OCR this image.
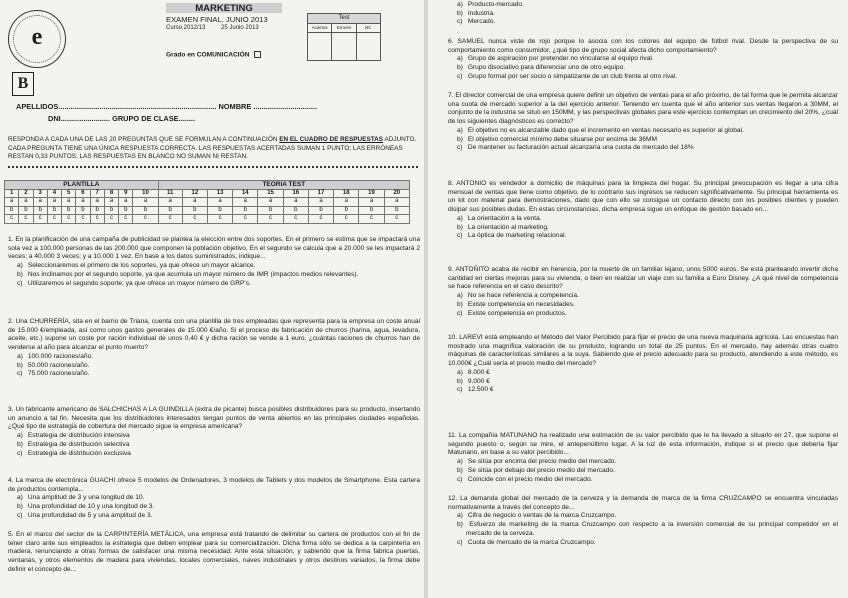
e
B
MARKETING
EXAMEN FINAL. JUNIO 2013
Curso 2012/13	25 Junio 2013
Grado en COMUNICACIÓN
Test
Aciertos	Errores	NC
APELLIDOS............................................................................. NOMBRE ...............................
DNI........................ GRUPO DE CLASE........
RESPONDA A CADA UNA DE LAS 20 PREGUNTAS QUE SE FORMULAN A CONTINUACIÓN EN EL CUADRO DE RESPUESTAS ADJUNTO. CADA PREGUNTA TIENE UNA ÚNICA RESPUESTA CORRECTA. LAS RESPUESTAS ACERTADAS SUMAN 1 PUNTO; LAS ERRÓNEAS RESTAN 0,33 PUNTOS; LAS RESPUESTAS EN BLANCO NO SUMAN NI RESTAN.
PLANTILLA										TEORIA TEST									
1	2	3	4	5	6	7	8	9	10	11	12	13	14	15	16	17	18	19	20
a	a	a	a	a	a	a	a	a	a	a	a	a	a	a	a	a	a	a	a
b	b	b	b	b	b	b	b	b	b	b	b	b	b	b	b	b	b	b	b
c	c	c	c	c	c	c	c	c	c	c	c	c	c	c	c	c	c	c	c
1. En la planificación de una campaña de publicidad se plantea la elección entre dos soportes. En el primero se estima que se impactará una sola vez a 100.000 personas de las 200.000 que componen la población objetivo. En el segundo se calcula que a 20.000 se les impactará 2 veces; a 40.000 3 veces; y a 10.000 1 vez. En base a los datos suministrados, indique...
a) Seleccionaremos el primero de los soportes, ya que ofrece un mayor alcance.
b) Nos inclinamos por el segundo soporte, ya que acumula un mayor número de IMR (impactos medios relevantes).
c) Utilizaremos el segundo soporte, ya que ofrece un mayor número de GRP's.
2. Una CHURRERÍA, sita en el barrio de Triana, cuenta con una plantilla de tres empleadas que representa para la empresa un coste anual de 15.000 €/empleada, así como unos gastos generales de 15.000 €/año. Si el proceso de fabricación de churros (harina, agua, levadura, aceite, etc.) supone un coste por ración individual de unos 0,40 € y dicha ración se vende a 1 euro, ¿cuántas raciones de churros han de venderse al año para alcanzar el punto muerto?
a) 100.000 raciones/año.
b) 50.000 raciones/año.
c) 75.000 raciones/año.
3. Un fabricante americano de SALCHICHAS A LA GUINDILLA (extra de picante) busca posibles distribuidores para su producto, insertando un anuncio a tal fin. Necesita que los distribuidores interesados tengan puntos de venta abiertos en las principales ciudades españolas. ¿Qué tipo de estrategia de cobertura del mercado sigue la empresa americana?
a) Estrategia de distribución intensiva
b) Estrategia de distribución selectiva
c) Estrategia de distribución exclusiva
4. La marca de electrónica GUACHI ofrece 5 modelos de Ordenadores, 3 modelos de Tablets y dos modelos de Smartphone. Esta cartera de productos contempla...
a) Una amplitud de 3 y una longitud de 10.
b) Una profundidad de 10 y una longitud de 3.
c) Una profundidad de 5 y una amplitud de 3.
5. En el marco del sector de la CARPINTERÍA METÁLICA, una empresa está tratando de delimitar su cartera de productos con el fin de tener claro ante sus empleados la estrategia que deben emplear para su comercialización. Dicha firma sólo se dedica a la carpintería en madera, renunciando a otras formas de satisfacer una misma necesidad. Ante esta situación, y sabiendo que la firma fabrica puertas, ventanas, y otros elementos de madera para viviendas, locales comerciales, naves industriales y otros destinos variados, la firma debe definir el concepto de...
a) Producto-mercado.
b) Industria.
c) Mercado.
6. SAMUEL nunca viste de rojo porque lo asocia con los colores del equipo de fútbol rival. Desde la perspectiva de su comportamiento como consumidor, ¿qué tipo de grupo social afecta dicho comportamiento?
a) Grupo de aspiración por pretender no vincularse al equipo rival.
b) Grupo disociativo para diferenciar uno de otro equipo.
c) Grupo formal por ser socio o simpatizante de un club frente al otro rival.
7. El director comercial de una empresa quiere definir un objetivo de ventas para el año próximo, de tal forma que le permita alcanzar una cuota de mercado superior a la del ejercicio anterior. Teniendo en cuenta que el año anterior sus ventas llegaron a 30MM, el conjunto de la industria se situó en 150MM, y las perspectivas globales para este ejercicio contemplan un crecimiento del 20%, ¿cuál de los siguientes diagnósticos es correcto?
a) El objetivo no es alcanzable dado que el incremento en ventas necesario es superior al global.
b) El objetivo comercial mínimo debe situarse por encima de 36MM
c) De mantener su facturación actual alcanzaría una cuota de mercado del 18%
8. ANTONIO es vendedor a domicilio de máquinas para la limpieza del hogar. Su principal preocupación es llegar a una cifra mensual de ventas que tiene como objetivo, de lo contrario sus ingresos se reducen significativamente. Su principal herramienta es un kit con material para demostraciones, dado que con ello se consigue un contacto directo con los posibles clientes y pueden disipar sus posibles dudas. En estas circunstancias, dicha empresa sigue un enfoque de gestión basado en...
a) La orientación a la venta.
b) La orientación al marketing.
c) La óptica de marketing relacional.
9. ANTOÑITO acaba de recibir en herencia, por la muerte de un familiar lejano, unos 5000 euros. Se está planteando invertir dicha cantidad en ciertas mejoras para su vivienda, o bien en realizar un viaje con su familia a Euro Disney. ¿A qué nivel de competencia se hace referencia en el caso descrito?
a) No se hace referencia a competencia.
b) Existe competencia en necesidades.
c) Existe competencia en productos.
10. LAREVI está empleando el Método del Valor Percibido para fijar el precio de una nueva maquinaria agrícola. Las encuestas han mostrado una magnífica valoración de su producto, logrando un total de 25 puntos. En el mercado, hay además otras cuatro máquinas de características similares a la suya. Sabiendo que el precio adecuado para su producto, atendiendo a este método, es 10.000€ ¿Cuál sería el precio medio del mercado?
a) 8.000 €
b) 9.000 €
c) 12.500 €
11. La compañía MATUNANO ha realizado una estimación de su valor percibido que le ha llevado a situarlo en 27, que supone el segundo puesto o, según se mire, el antepenúltimo lugar. A la luz de esta información, indique si el precio que debería fijar Matunano, en base a su valor percibido...
a) Se sitúa por encima del precio medio del mercado.
b) Se sitúa por debajo del precio medio del mercado.
c) Coincide con el precio medio del mercado.
12. La demanda global del mercado de la cerveza y la demanda de marca de la firma CRUZCAMPO se encuentra vinculadas normativamente a través del concepto de...
a) Cifra de negocio o ventas de la marca Cruzcampo.
b) Esfuerzo de marketing de la marca Cruzcampo con respecto a la inversión comercial de su principal competidor en el mercado de la cerveza.
c) Cuota de mercado de la marca Cruzcampo.
